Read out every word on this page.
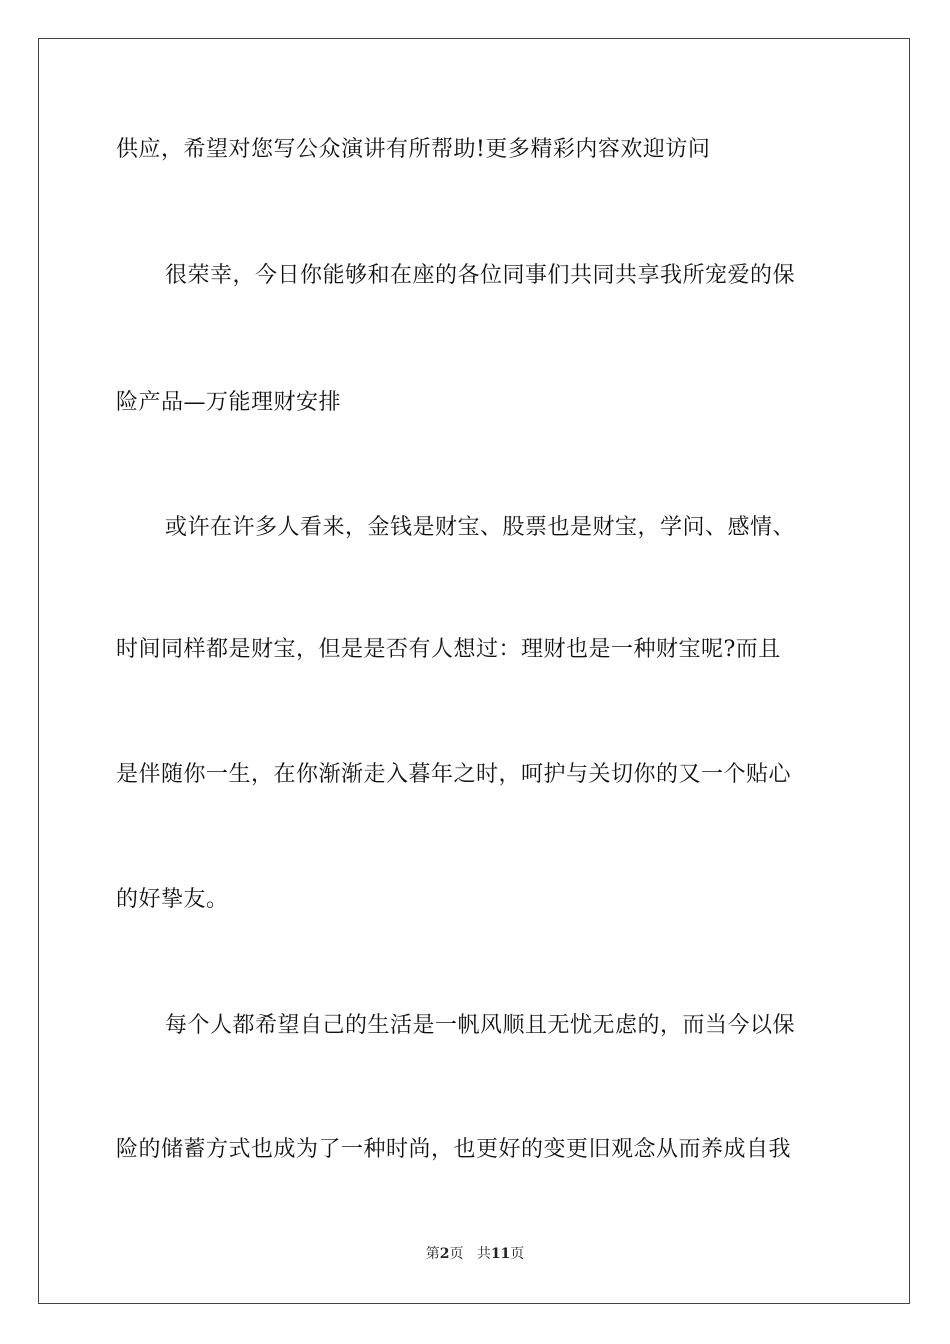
供应，希望对您写公众演讲有所帮助!更多精彩内容欢迎访问
很荣幸，今日你能够和在座的各位同事们共同共享我所宠爱的保
险产品—万能理财安排
或许在许多人看来，金钱是财宝、股票也是财宝，学问、感情、
时间同样都是财宝，但是是否有人想过：理财也是一种财宝呢?而且
是伴随你一生，在你渐渐走入暮年之时，呵护与关切你的又一个贴心
的好挚友。
每个人都希望自己的生活是一帆风顺且无忧无虑的，而当今以保
险的储蓄方式也成为了一种时尚，也更好的变更旧观念从而养成自我
第2页 共11页
